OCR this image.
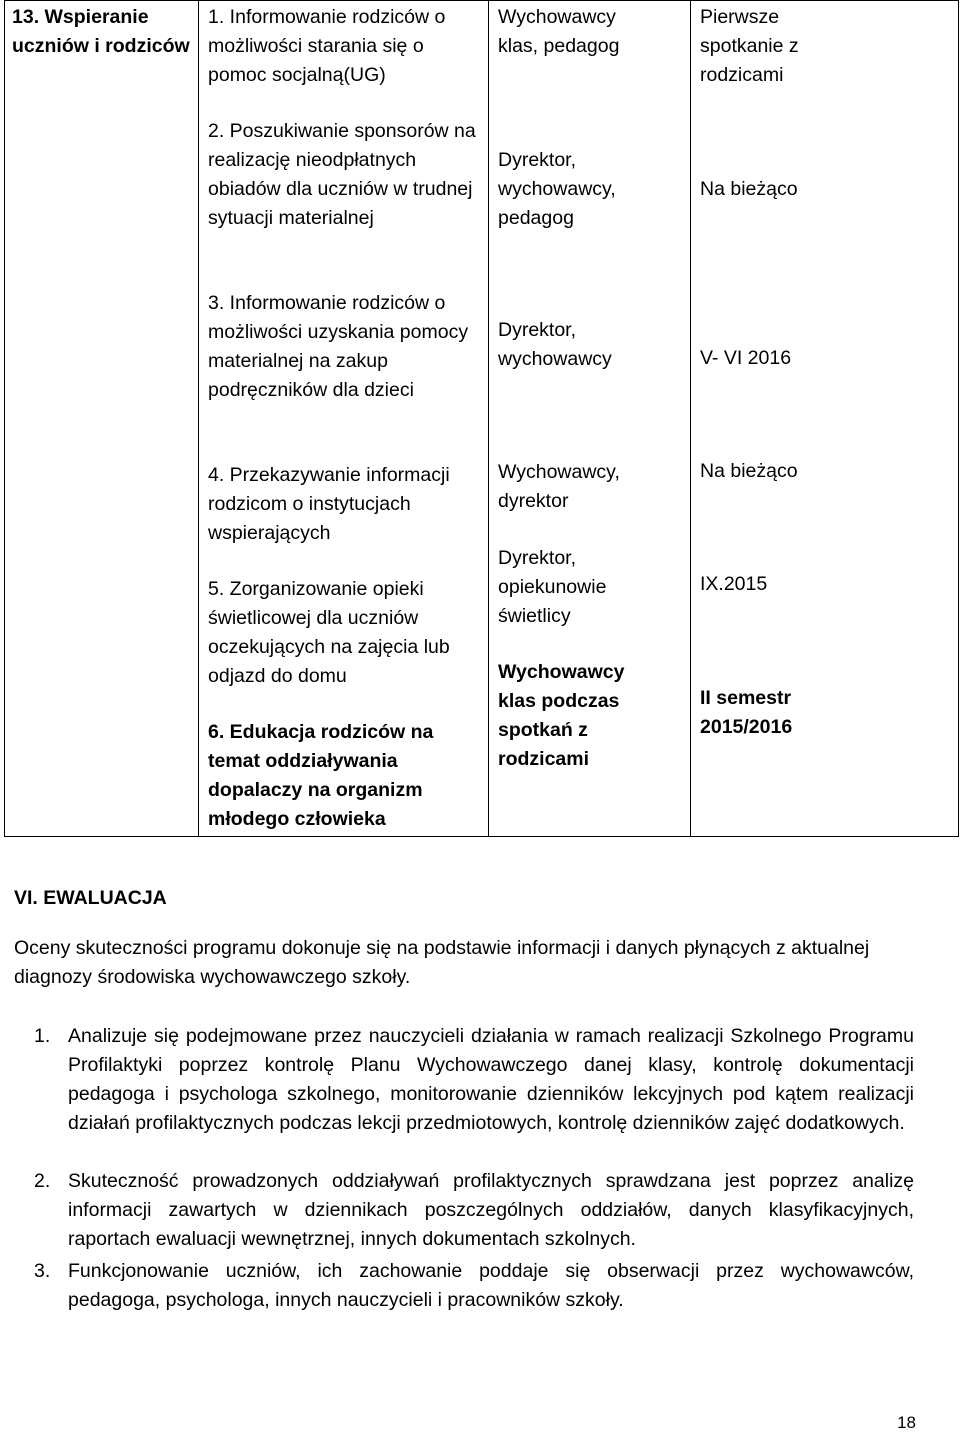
13. Wspieranie uczniów i rodziców
1. Informowanie rodziców o możliwości starania się o pomoc socjalną(UG)
Wychowawcy klas, pedagog
Pierwsze spotkanie z rodzicami
2. Poszukiwanie sponsorów na realizację nieodpłatnych obiadów dla uczniów w trudnej sytuacji materialnej
Dyrektor, wychowawcy, pedagog
Na bieżąco
3. Informowanie rodziców o możliwości uzyskania pomocy materialnej na zakup podręczników dla dzieci
Dyrektor, wychowawcy	V- VI 2016
4. Przekazywanie informacji rodzicom o instytucjach wspierających
Wychowawcy, dyrektor
Na bieżąco
5. Zorganizowanie opieki świetlicowej dla uczniów oczekujących na zajęcia lub odjazd do domu
Dyrektor, opiekunowie świetlicy
IX.2015
6. Edukacja rodziców na temat oddziaływania dopalaczy na organizm młodego człowieka
Wychowawcy klas podczas spotkań z rodzicami
II semestr 2015/2016
VI. EWALUACJA
Oceny skuteczności programu dokonuje się na podstawie informacji i danych płynących z aktualnej diagnozy środowiska wychowawczego szkoły.
1. Analizuje się podejmowane przez nauczycieli działania w ramach realizacji Szkolnego Programu Profilaktyki poprzez kontrolę Planu Wychowawczego danej klasy, kontrolę dokumentacji pedagoga i psychologa szkolnego, monitorowanie dzienników lekcyjnych pod kątem realizacji działań profilaktycznych podczas lekcji przedmiotowych, kontrolę dzienników zajęć dodatkowych.
2. Skuteczność prowadzonych oddziaływań profilaktycznych sprawdzana jest poprzez analizę informacji zawartych w dziennikach poszczególnych oddziałów, danych klasyfikacyjnych, raportach ewaluacji wewnętrznej, innych dokumentach szkolnych.
3. Funkcjonowanie uczniów, ich zachowanie poddaje się obserwacji przez wychowawców, pedagoga, psychologa, innych nauczycieli i pracowników szkoły.
18
